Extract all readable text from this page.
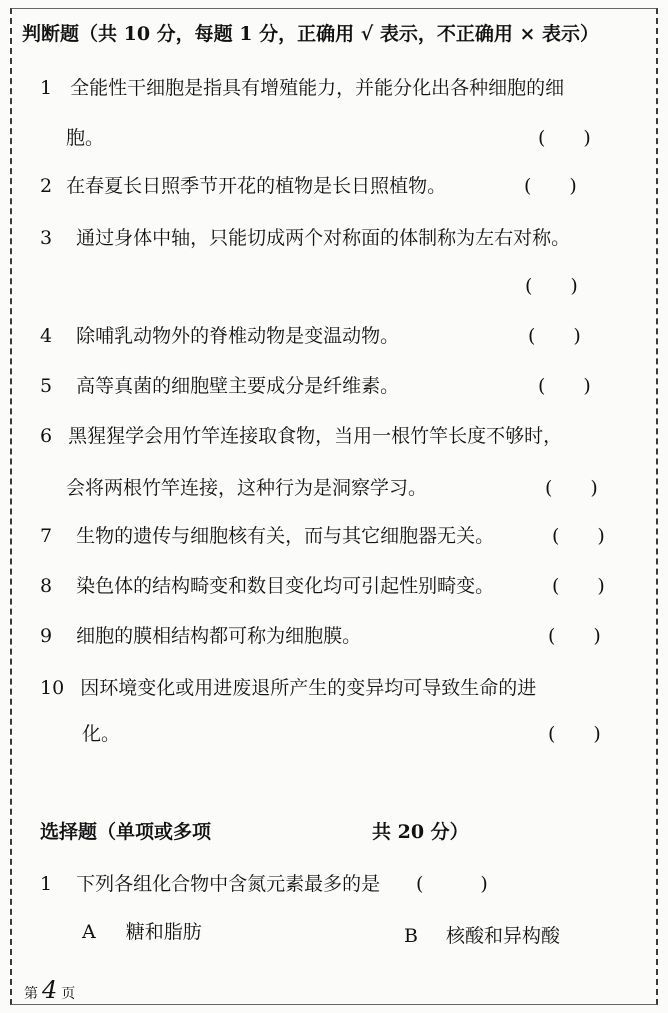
判断题（共 10 分，每题 1 分，正确用 √ 表示，不正确用 × 表示）
1 全能性干细胞是指具有增殖能力，并能分化出各种细胞的细
胞。	(　　)
2 在春夏长日照季节开花的植物是长日照植物。	(　　)
3 通过身体中轴，只能切成两个对称面的体制称为左右对称。
(　　)
4 除哺乳动物外的脊椎动物是变温动物。	(　　)
5 高等真菌的细胞壁主要成分是纤维素。	(　　)
6 黑猩猩学会用竹竿连接取食物，当用一根竹竿长度不够时，
会将两根竹竿连接，这种行为是洞察学习。	(　　)
7 生物的遗传与细胞核有关，而与其它细胞器无关。	(　　)
8 染色体的结构畸变和数目变化均可引起性别畸变。	(　　)
9 细胞的膜相结构都可称为细胞膜。	(　　)
10 因环境变化或用进废退所产生的变异均可导致生命的进
化。	(　　)
选择题（单项或多项	共 20 分）
1 下列各组化合物中含氮元素最多的是 (　　　)
A 糖和脂肪	B 核酸和异构酸
第 4 页
